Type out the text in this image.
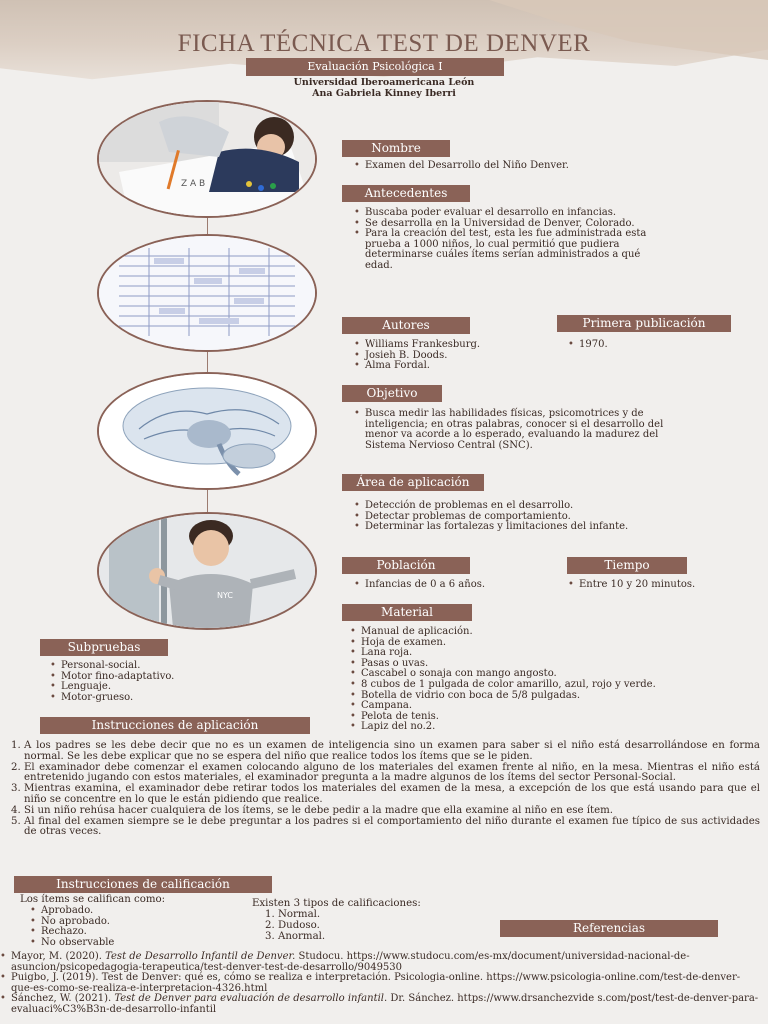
FICHA TÉCNICA TEST DE DENVER
Evaluación Psicológica I
Universidad Iberoamericana León
Ana Gabriela Kinney Iberri
Z A B
NYC
Nombre
• Examen del Desarrollo del Niño Denver.
Antecedentes
• Buscaba poder evaluar el desarrollo en infancias.
• Se desarrolla en la Universidad de Denver, Colorado.
• Para la creación del test, esta les fue administrada esta prueba a 1000 niños, lo cual permitió que pudiera determinarse cuáles ítems serían administrados a qué edad.
Autores
• Williams Frankesburg.
• Josieh B. Doods.
• Alma Fordal.
Primera publicación
• 1970.
Objetivo
• Busca medir las habilidades físicas, psicomotrices y de inteligencia; en otras palabras, conocer si el desarrollo del menor va acorde a lo esperado, evaluando la madurez del Sistema Nervioso Central (SNC).
Área de aplicación
• Detección de problemas en el desarrollo.
• Detectar problemas de comportamiento.
• Determinar las fortalezas y limitaciones del infante.
Población
• Infancias de 0 a 6 años.
Tiempo
• Entre 10 y 20 minutos.
Material
• Manual de aplicación.
• Hoja de examen.
• Lana roja.
• Pasas o uvas.
• Cascabel o sonaja con mango angosto.
• 8 cubos de 1 pulgada de color amarillo, azul, rojo y verde.
• Botella de vidrio con boca de 5/8 pulgadas.
• Campana.
• Pelota de tenis.
• Lapiz del no.2.
Subpruebas
• Personal-social.
• Motor fino-adaptativo.
• Lenguaje.
• Motor-grueso.
Instrucciones de aplicación
1. A los padres se les debe decir que no es un examen de inteligencia sino un examen para saber si el niño está desarrollándose en forma normal. Se les debe explicar que no se espera del niño que realice todos los ítems que se le piden.
2. El examinador debe comenzar el examen colocando alguno de los materiales del examen frente al niño, en la mesa. Mientras el niño está entretenido jugando con estos materiales, el examinador pregunta a la madre algunos de los ítems del sector Personal-Social.
3. Mientras examina, el examinador debe retirar todos los materiales del examen de la mesa, a excepción de los que está usando para que el niño se concentre en lo que le están pidiendo que realice.
4. Si un niño rehúsa hacer cualquiera de los ítems, se le debe pedir a la madre que ella examine al niño en ese ítem.
5. Al final del examen siempre se le debe preguntar a los padres si el comportamiento del niño durante el examen fue típico de sus actividades de otras veces.
Instrucciones de calificación
Los ítems se califican como:
• Aprobado.
• No aprobado.
• Rechazo.
• No observable
Existen 3 tipos de calificaciones:
1. Normal.
2. Dudoso.
3. Anormal.
Referencias
• Mayor, M. (2020). Test de Desarrollo Infantil de Denver. Studocu. https://www.studocu.com/es-mx/document/universidad-nacional-de-asuncion/psicopedagogia-terapeutica/test-denver-test-de-desarrollo/9049530
• Puigbo, J. (2019). Test de Denver: qué es, cómo se realiza e interpretación. Psicologia-online. https://www.psicologia-online.com/test-de-denver-que-es-como-se-realiza-e-interpretacion-4326.html
• Sánchez, W. (2021). Test de Denver para evaluación de desarrollo infantil. Dr. Sánchez. https://www.drsanchezvide s.com/post/test-de-denver-para-evaluaci%C3%B3n-de-desarrollo-infantil
